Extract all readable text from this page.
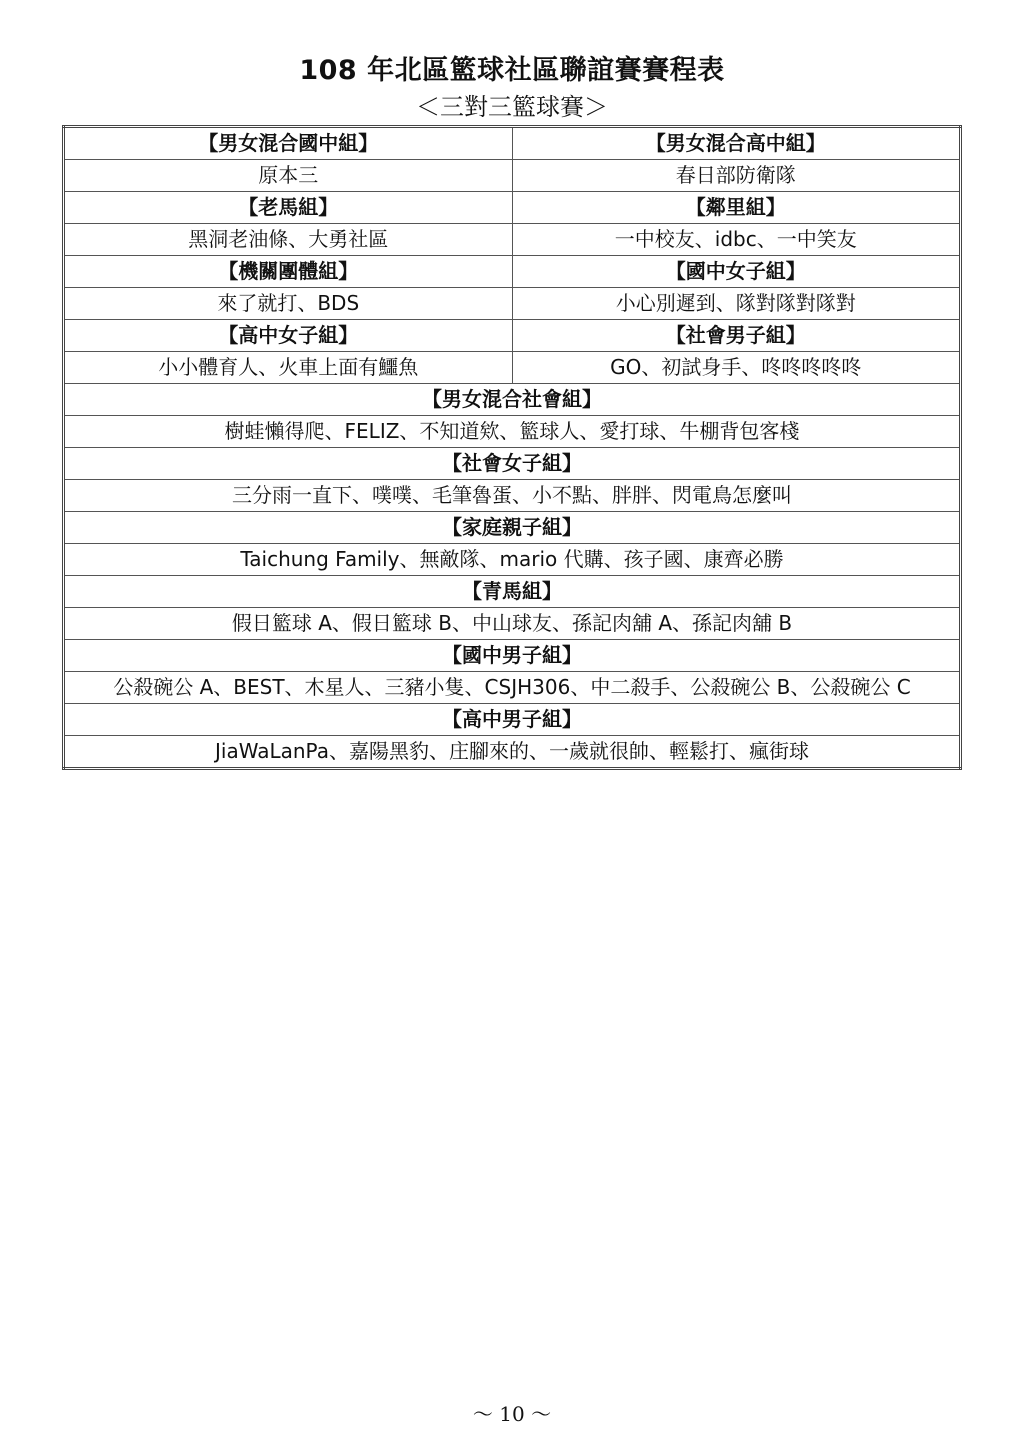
108 年北區籃球社區聯誼賽賽程表
＜三對三籃球賽＞
【男女混合國中組】	【男女混合高中組】
原本三	春日部防衛隊
【老馬組】	【鄰里組】
黑洞老油條、大勇社區	一中校友、idbc、一中笑友
【機關團體組】	【國中女子組】
來了就打、BDS	小心別遲到、隊對隊對隊對
【高中女子組】	【社會男子組】
小小體育人、火車上面有鱷魚	GO、初試身手、咚咚咚咚咚
【男女混合社會組】	
樹蛙懶得爬、FELIZ、不知道欸、籃球人、愛打球、牛棚背包客棧	
【社會女子組】	
三分雨一直下、噗噗、毛筆魯蛋、小不點、胖胖、閃電鳥怎麼叫	
【家庭親子組】	
Taichung Family、無敵隊、mario 代購、孩子國、康齊必勝	
【青馬組】	
假日籃球 A、假日籃球 B、中山球友、孫記肉舖 A、孫記肉舖 B	
【國中男子組】	
公殺碗公 A、BEST、木星人、三豬小隻、CSJH306、中二殺手、公殺碗公 B、公殺碗公 C	
【高中男子組】	
JiaWaLanPa、嘉陽黑豹、庄腳來的、一歲就很帥、輕鬆打、瘋街球	
～ 10 ～
